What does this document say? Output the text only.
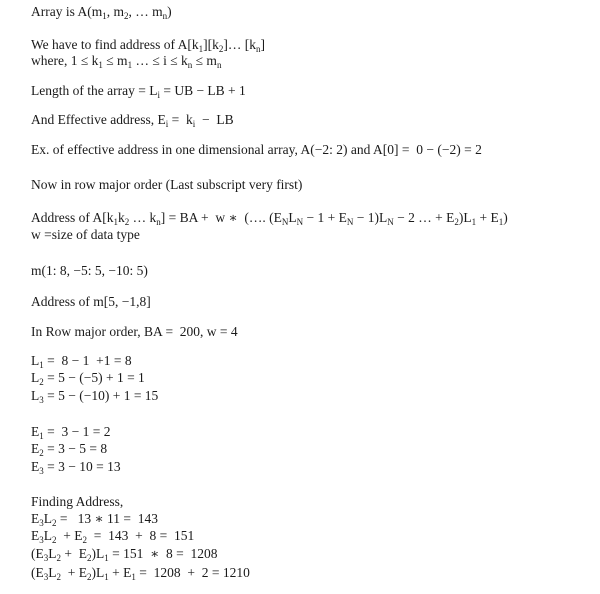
Array is $A(m_1$, $m_2$, … $m_n$)
We have to find address of $A[k_1][k_2]\dots$ $[k_n]$
where, $1 \le k_1 \le m_1$ … ≤ $i \le k_n \le m_n$
Length of the array = $L_i$ = UB − LB + 1
And Effective address, $E_i = k_i$  −  LB
Ex. of effective address in one dimensional array, A(−2: 2) and A[0] =  0 − (−2) = 2
Now in row major order (Last subscript very first)
Address of $A[k_1k_2$ … $k_n$] = BA +  w ∗  (…. $(E_NL_N - 1 + E_N - 1)L_N - 2$ … + $E_2)L_1 + E_1$)
w =size of data type
m(1: 8, −5: 5, −10: 5)
Address of m[5, −1,8]
In Row major order, BA =  200, w = 4
$L_1 = 8 - 1 +1 = 8$
$L_2 = 5 - (-5) + 1 = 1$
$L_3 = 5 - (-10) + 1 = 15$
$E_1 = 3 - 1 = 2$
$E_2 = 3 - 5 = 8$
$E_3 = 3 - 10 = 13$
Finding Address,
$E_3L_2 = 13$ ∗ 11 =  143
$E_3L_2 + E_2 = 143 + 8 = 151$
$(E_3L_2 + E_2)L_1 = 151$  ∗  8 =  1208
$(E_3L_2 + E_2)L_1 + E_1 = 1208 + 2 = 1210$
